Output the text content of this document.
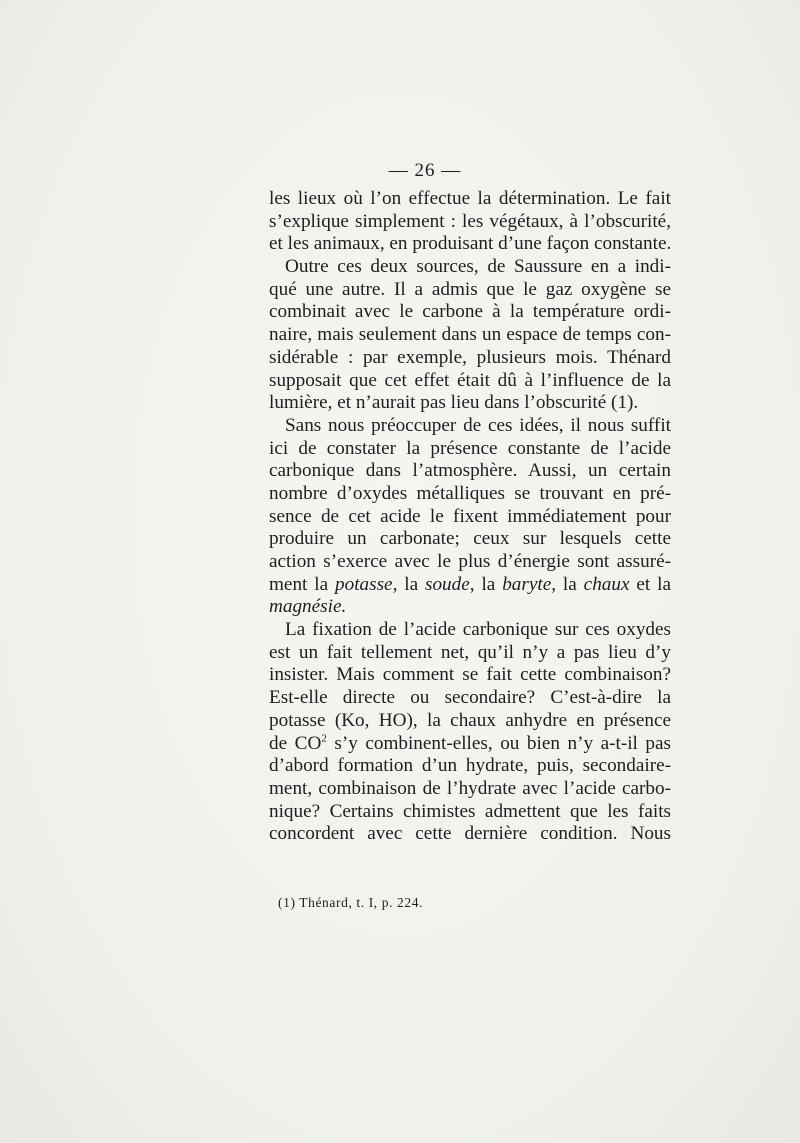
— 26 —
les lieux où l’on effectue la détermination. Le fait
s’explique simplement : les végétaux, à l’obscurité,
et les animaux, en produisant d’une façon constante.
Outre ces deux sources, de Saussure en a indi-
qué une autre. Il a admis que le gaz oxygène se
combinait avec le carbone à la température ordi-
naire, mais seulement dans un espace de temps con-
sidérable : par exemple, plusieurs mois. Thénard
supposait que cet effet était dû à l’influence de la
lumière, et n’aurait pas lieu dans l’obscurité (1).
Sans nous préoccuper de ces idées, il nous suffit
ici de constater la présence constante de l’acide
carbonique dans l’atmosphère. Aussi, un certain
nombre d’oxydes métalliques se trouvant en pré-
sence de cet acide le fixent immédiatement pour
produire un carbonate; ceux sur lesquels cette
action s’exerce avec le plus d’énergie sont assuré-
ment la potasse, la soude, la baryte, la chaux et la
magnésie.
La fixation de l’acide carbonique sur ces oxydes
est un fait tellement net, qu’il n’y a pas lieu d’y
insister. Mais comment se fait cette combinaison?
Est-elle directe ou secondaire? C’est-à-dire la
potasse (Ko, HO), la chaux anhydre en présence
de $CO^2$ s’y combinent-elles, ou bien n’y a-t-il pas
d’abord formation d’un hydrate, puis, secondaire-
ment, combinaison de l’hydrate avec l’acide carbo-
nique? Certains chimistes admettent que les faits
concordent avec cette dernière condition. Nous
(1) Thénard, t. I, p. 224.
